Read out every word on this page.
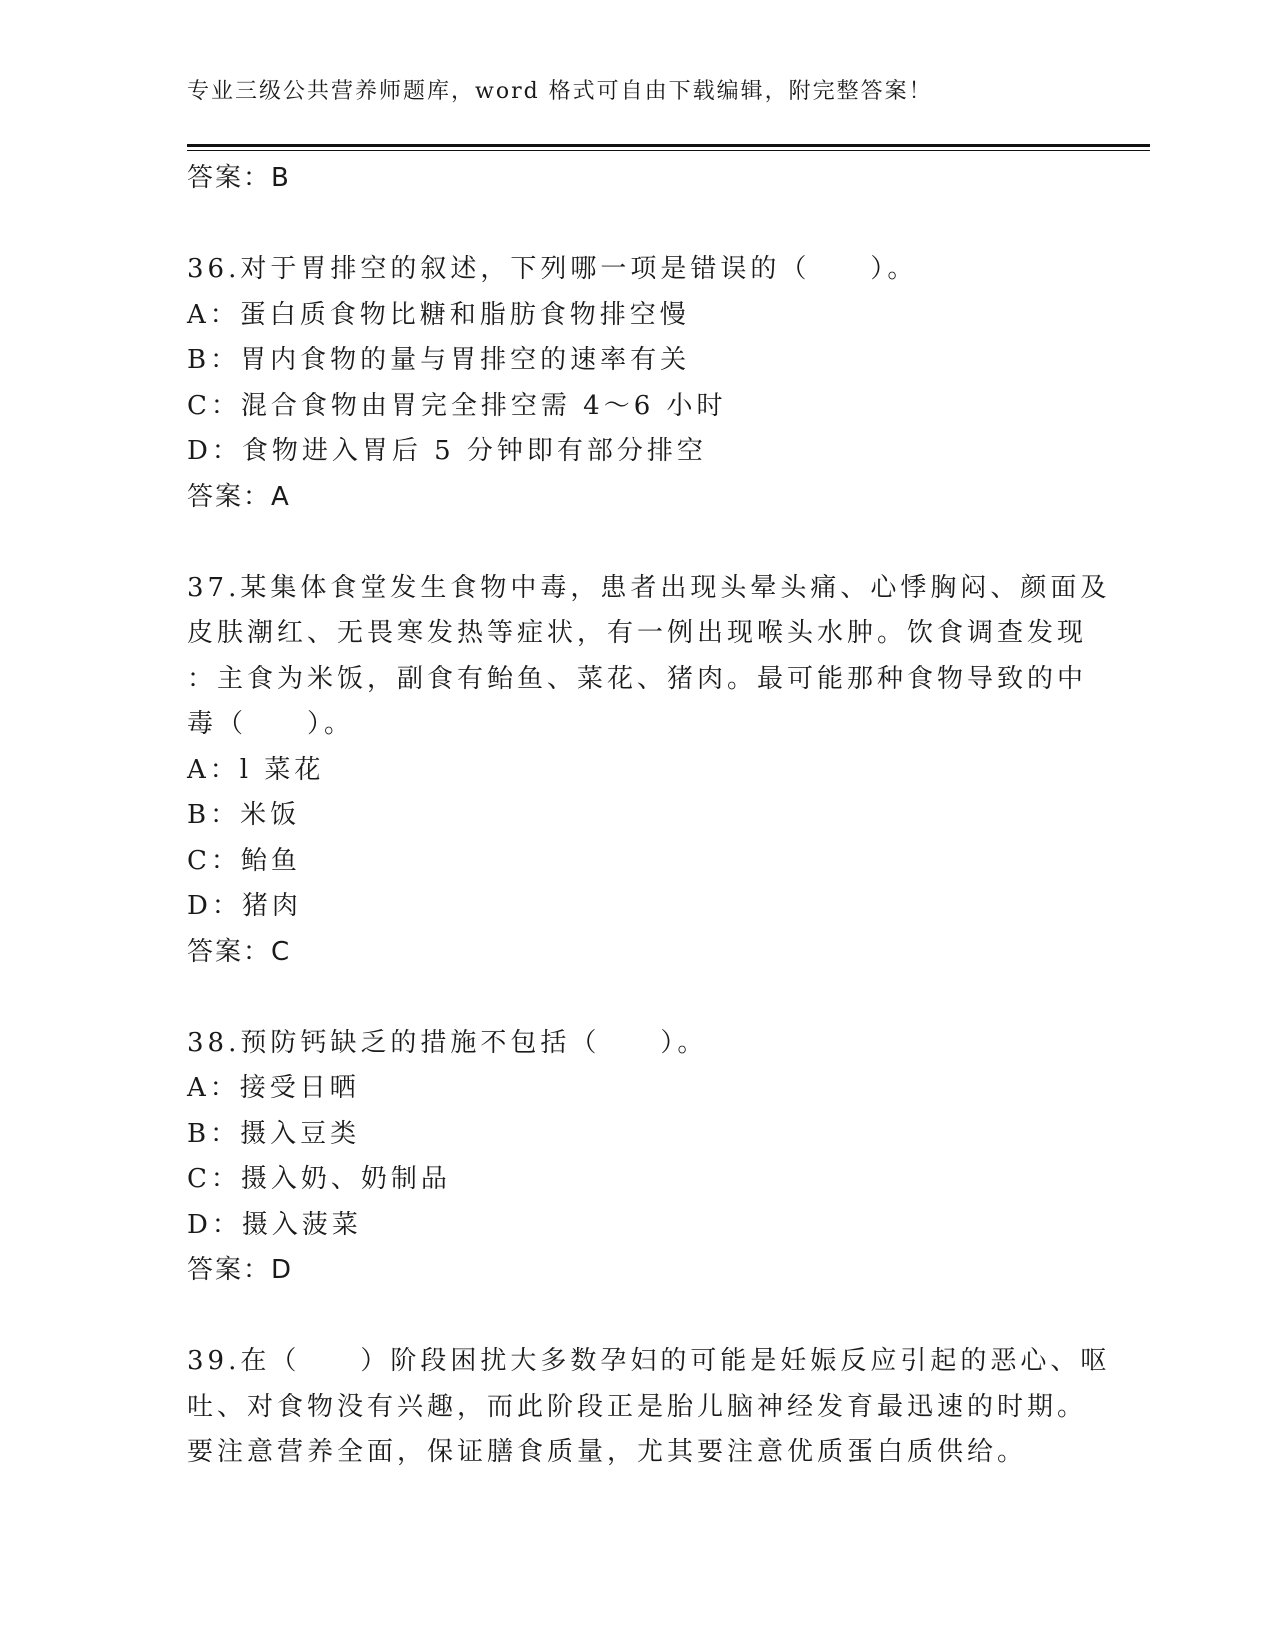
专业三级公共营养师题库，word 格式可自由下载编辑，附完整答案！
答案：B
36.对于胃排空的叙述，下列哪一项是错误的（　　）。
A：蛋白质食物比糖和脂肪食物排空慢
B：胃内食物的量与胃排空的速率有关
C：混合食物由胃完全排空需 4～6 小时
D：食物进入胃后 5 分钟即有部分排空
答案：A
37.某集体食堂发生食物中毒，患者出现头晕头痛、心悸胸闷、颜面及
皮肤潮红、无畏寒发热等症状，有一例出现喉头水肿。饮食调查发现
：主食为米饭，副食有鲐鱼、菜花、猪肉。最可能那种食物导致的中
毒（　　）。
A：l 菜花
B：米饭
C：鲐鱼
D：猪肉
答案：C
38.预防钙缺乏的措施不包括（　　）。
A：接受日晒
B：摄入豆类
C：摄入奶、奶制品
D：摄入菠菜
答案：D
39.在（　　）阶段困扰大多数孕妇的可能是妊娠反应引起的恶心、呕
吐、对食物没有兴趣，而此阶段正是胎儿脑神经发育最迅速的时期。
要注意营养全面，保证膳食质量，尤其要注意优质蛋白质供给。
